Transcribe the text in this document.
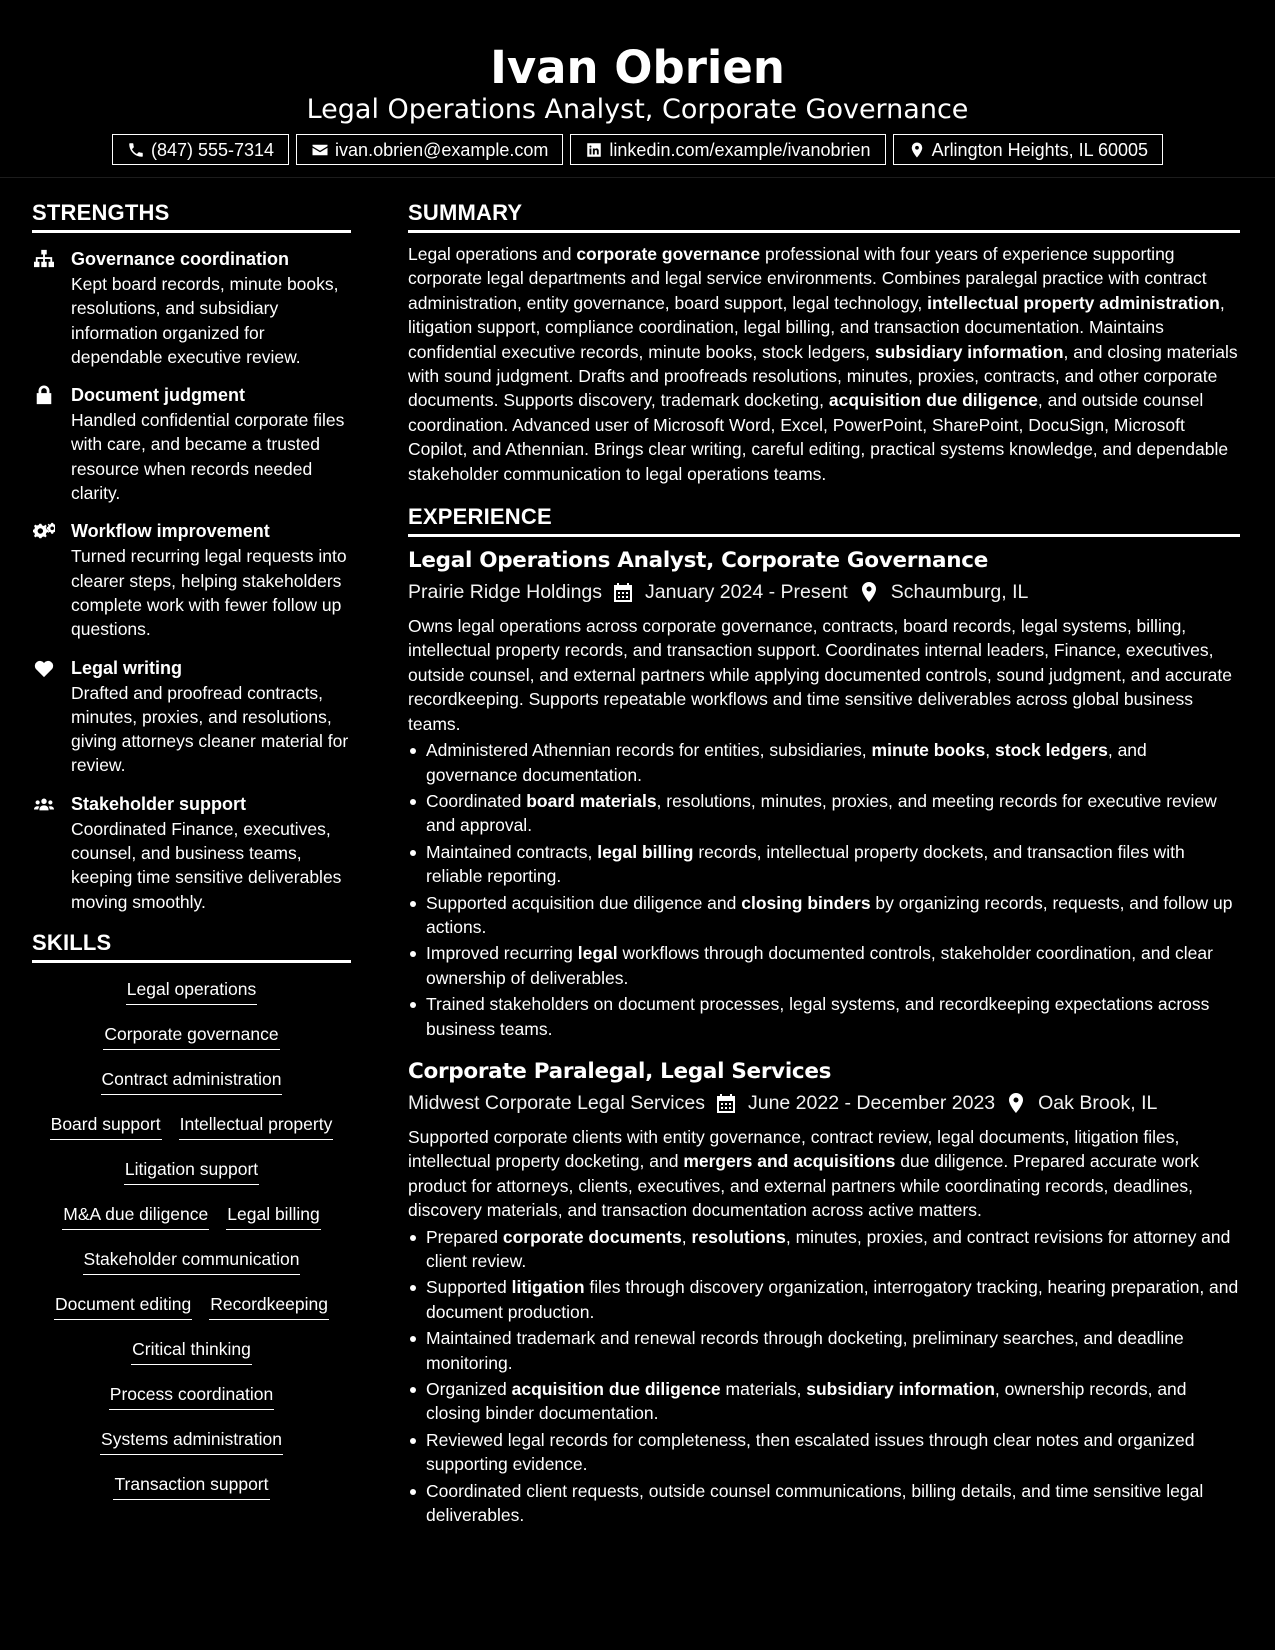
Ivan Obrien
Legal Operations Analyst, Corporate Governance
(847) 555-7314	ivan.obrien@example.com	linkedin.com/example/ivanobrien	Arlington Heights, IL 60005
STRENGTHS
Governance coordination

Kept board records, minute books, resolutions, and subsidiary information organized for dependable executive review.

Document judgment

Handled confidential corporate files with care, and became a trusted resource when records needed clarity.

Workflow improvement

Turned recurring legal requests into clearer steps, helping stakeholders complete work with fewer follow up questions.

Legal writing

Drafted and proofread contracts, minutes, proxies, and resolutions, giving attorneys cleaner material for review.

Stakeholder support

Coordinated Finance, executives, counsel, and business teams, keeping time sensitive deliverables moving smoothly.

SKILLS
Legal operations
Corporate governance
Contract administration
Board support Intellectual property
Litigation support
M&A due diligence Legal billing
Stakeholder communication
Document editing Recordkeeping
Critical thinking
Process coordination
Systems administration
Transaction support
SUMMARY

Legal operations and corporate governance professional with four years of experience supporting corporate legal departments and legal service environments. Combines paralegal practice with contract administration, entity governance, board support, legal technology, intellectual property administration, litigation support, compliance coordination, legal billing, and transaction documentation. Maintains confidential executive records, minute books, stock ledgers, subsidiary information, and closing materials with sound judgment. Drafts and proofreads resolutions, minutes, proxies, contracts, and other corporate documents. Supports discovery, trademark docketing, acquisition due diligence, and outside counsel coordination. Advanced user of Microsoft Word, Excel, PowerPoint, SharePoint, DocuSign, Microsoft Copilot, and Athennian. Brings clear writing, careful editing, practical systems knowledge, and dependable stakeholder communication to legal operations teams.

EXPERIENCE
Legal Operations Analyst, Corporate Governance
Prairie Ridge Holdings January 2024 - Present Schaumburg, IL

Owns legal operations across corporate governance, contracts, board records, legal systems, billing, intellectual property records, and transaction support. Coordinates internal leaders, Finance, executives, outside counsel, and external partners while applying documented controls, sound judgment, and accurate recordkeeping. Supports repeatable workflows and time sensitive deliverables across global business teams.

Administered Athennian records for entities, subsidiaries, minute books, stock ledgers, and governance documentation.
Coordinated board materials, resolutions, minutes, proxies, and meeting records for executive review and approval.
Maintained contracts, legal billing records, intellectual property dockets, and transaction files with reliable reporting.
Supported acquisition due diligence and closing binders by organizing records, requests, and follow up actions.
Improved recurring legal workflows through documented controls, stakeholder coordination, and clear ownership of deliverables.
Trained stakeholders on document processes, legal systems, and recordkeeping expectations across business teams.
Corporate Paralegal, Legal Services
Midwest Corporate Legal Services June 2022 - December 2023 Oak Brook, IL

Supported corporate clients with entity governance, contract review, legal documents, litigation files, intellectual property docketing, and mergers and acquisitions due diligence. Prepared accurate work product for attorneys, clients, executives, and external partners while coordinating records, deadlines, discovery materials, and transaction documentation across active matters.

Prepared corporate documents, resolutions, minutes, proxies, and contract revisions for attorney and client review.
Supported litigation files through discovery organization, interrogatory tracking, hearing preparation, and document production.
Maintained trademark and renewal records through docketing, preliminary searches, and deadline monitoring.
Organized acquisition due diligence materials, subsidiary information, ownership records, and closing binder documentation.
Reviewed legal records for completeness, then escalated issues through clear notes and organized supporting evidence.
Coordinated client requests, outside counsel communications, billing details, and time sensitive legal deliverables.
